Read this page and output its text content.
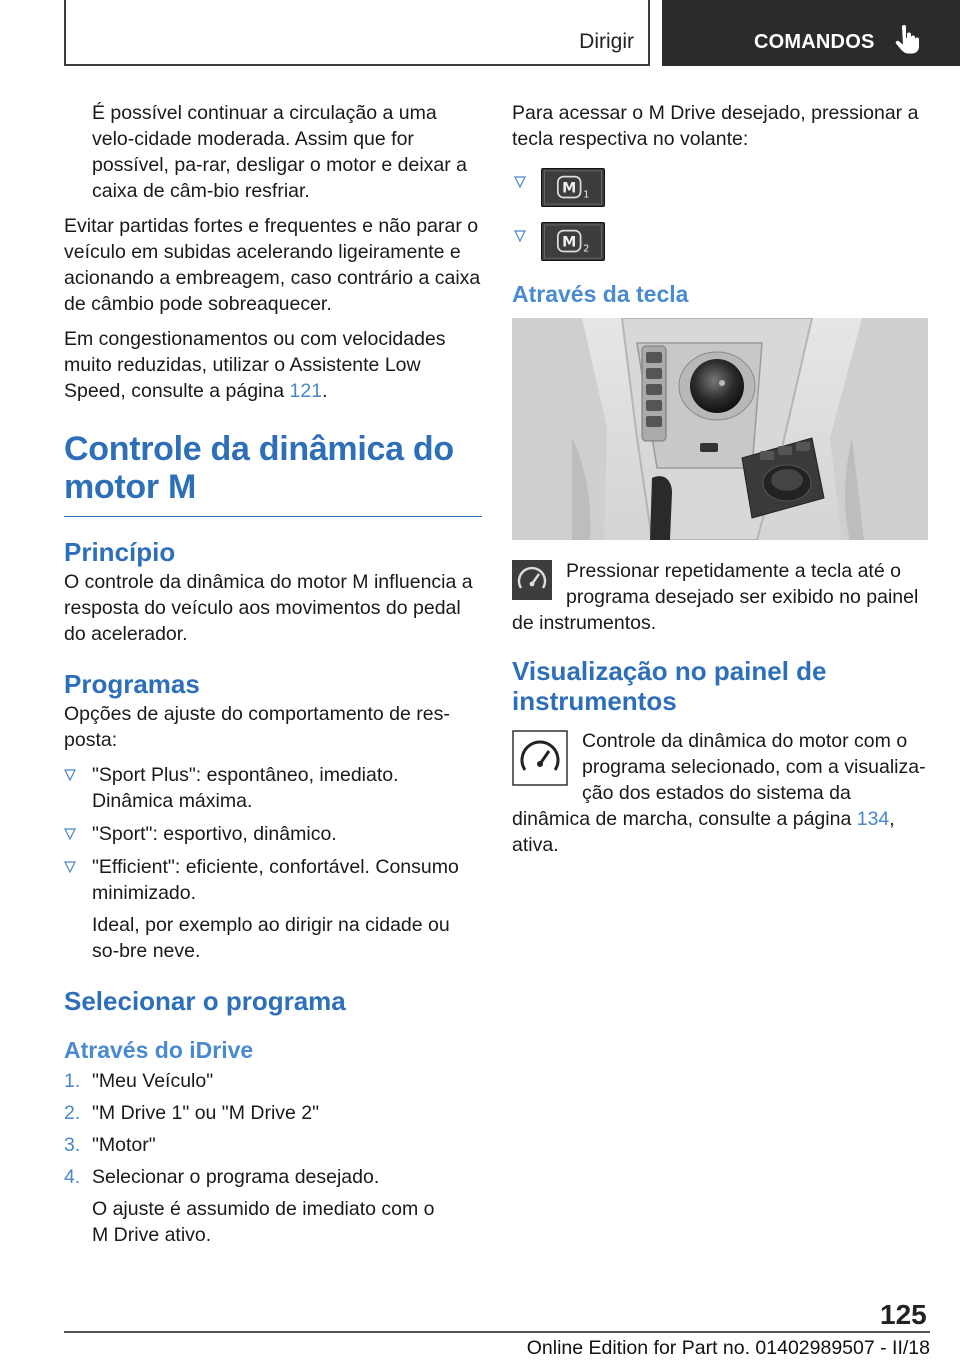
Dirigir	COMANDOS

É possível continuar a circulação a uma velo-cidade moderada. Assim que for possível, pa-rar, desligar o motor e deixar a caixa de câm-bio resfriar.

Evitar partidas fortes e frequentes e não parar o veículo em subidas acelerando ligeiramente e acionando a embreagem, caso contrário a caixa de câmbio pode sobreaquecer.

Em congestionamentos ou com velocidades muito reduzidas, utilizar o Assistente Low Speed, consulte a página 121.

Controle da dinâmica do motor M
Princípio

O controle da dinâmica do motor M influencia a resposta do veículo aos movimentos do pedal do acelerador.

Programas

Opções de ajuste do comportamento de res-posta:

"Sport Plus": espontâneo, imediato. Dinâmica máxima.
"Sport": esportivo, dinâmico.
"Efficient": eficiente, confortável. Consumo minimizado.

Ideal, por exemplo ao dirigir na cidade ou so-bre neve.

Selecionar o programa
Através do iDrive
1. "Meu Veículo"
2. "M Drive 1" ou "M Drive 2"
3. "Motor"
4. Selecionar o programa desejado.

O ajuste é assumido de imediato com o M Drive ativo.

Para acessar o M Drive desejado, pressionar a tecla respectiva no volante:

M 1
M 2
Através da tecla
Pressionar repetidamente a tecla até o programa desejado ser exibido no painel de instrumentos.
Visualização no painel de instrumentos
Controle da dinâmica do motor com o programa selecionado, com a visualiza-ção dos estados do sistema da dinâmica de marcha, consulte a página 134, ativa.
125
Online Edition for Part no. 01402989507 - II/18
